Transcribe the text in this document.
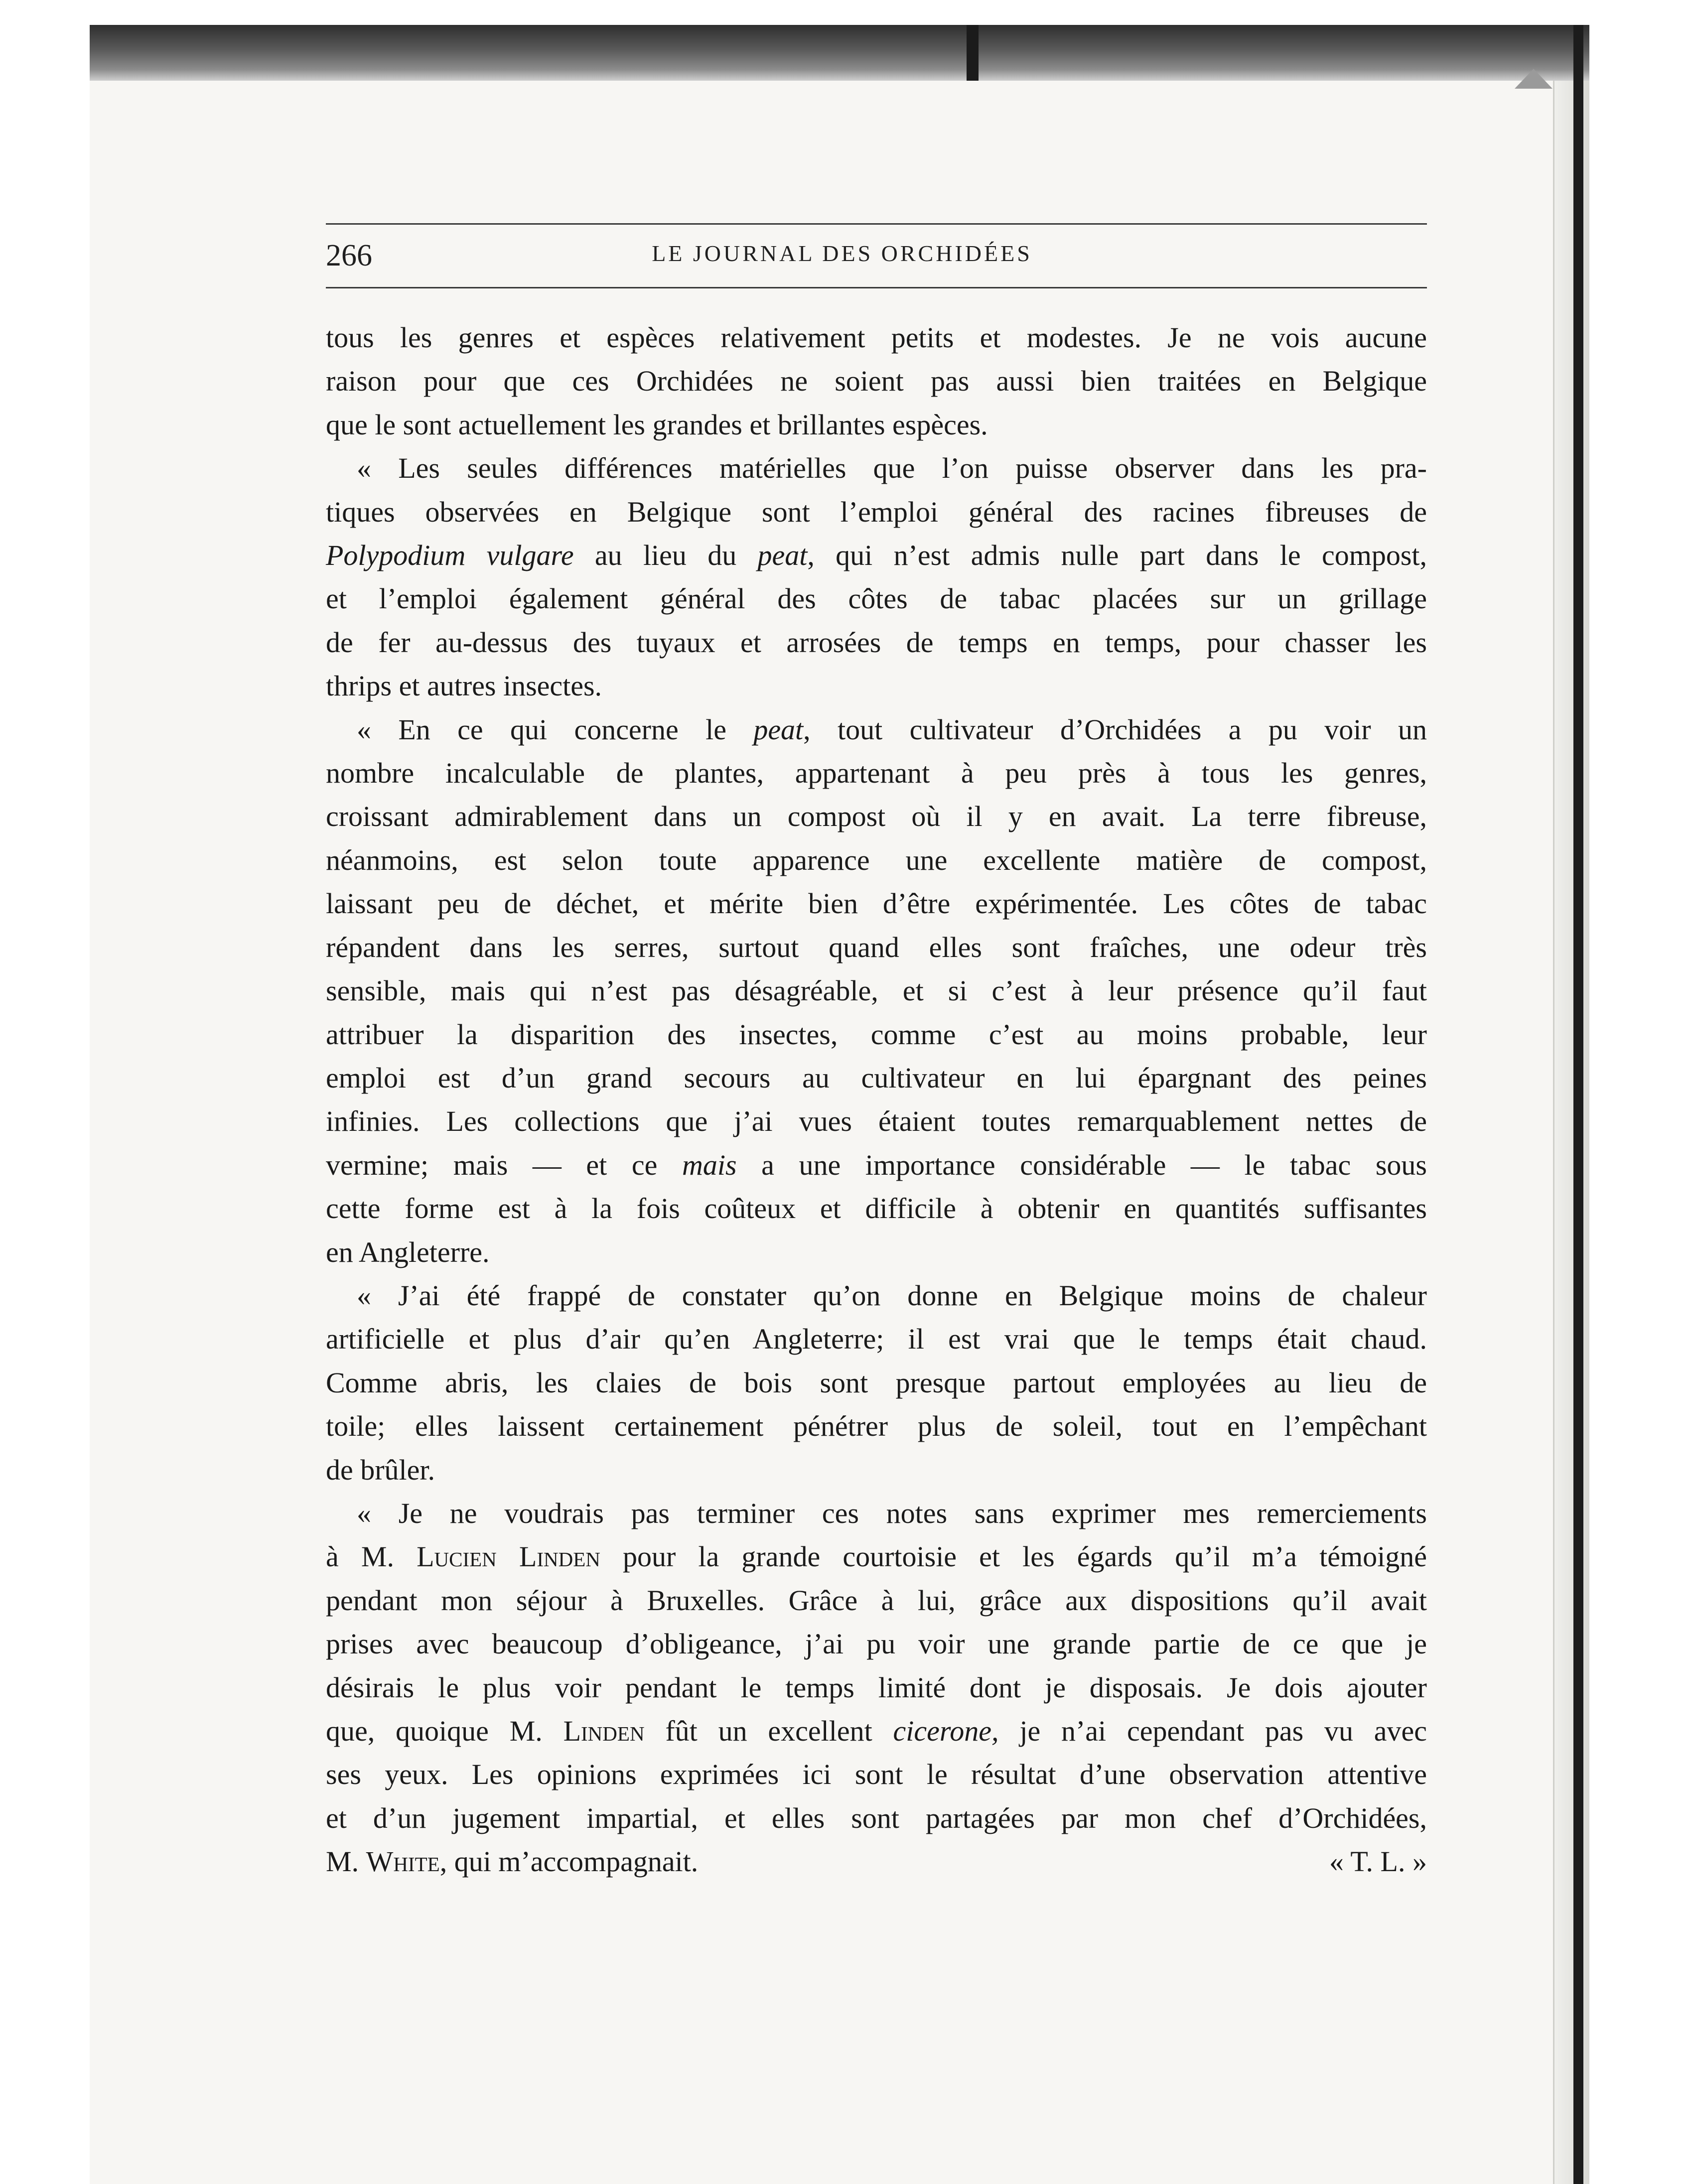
266	LE JOURNAL DES ORCHIDÉES

tous les genres et espèces relativement petits et modestes. Je ne vois aucune
raison pour que ces Orchidées ne soient pas aussi bien traitées en Belgique
que le sont actuellement les grandes et brillantes espèces.

« Les seules différences matérielles que l’on puisse observer dans les pra-
tiques observées en Belgique sont l’emploi général des racines fibreuses de
Polypodium vulgare au lieu du peat, qui n’est admis nulle part dans le compost,
et l’emploi également général des côtes de tabac placées sur un grillage
de fer au-dessus des tuyaux et arrosées de temps en temps, pour chasser les
thrips et autres insectes.

« En ce qui concerne le peat, tout cultivateur d’Orchidées a pu voir un
nombre incalculable de plantes, appartenant à peu près à tous les genres,
croissant admirablement dans un compost où il y en avait. La terre fibreuse,
néanmoins, est selon toute apparence une excellente matière de compost,
laissant peu de déchet, et mérite bien d’être expérimentée. Les côtes de tabac
répandent dans les serres, surtout quand elles sont fraîches, une odeur très
sensible, mais qui n’est pas désagréable, et si c’est à leur présence qu’il faut
attribuer la disparition des insectes, comme c’est au moins probable, leur
emploi est d’un grand secours au cultivateur en lui épargnant des peines
infinies. Les collections que j’ai vues étaient toutes remarquablement nettes de
vermine; mais — et ce mais a une importance considérable — le tabac sous
cette forme est à la fois coûteux et difficile à obtenir en quantités suffisantes
en Angleterre.

« J’ai été frappé de constater qu’on donne en Belgique moins de chaleur
artificielle et plus d’air qu’en Angleterre; il est vrai que le temps était chaud.
Comme abris, les claies de bois sont presque partout employées au lieu de
toile; elles laissent certainement pénétrer plus de soleil, tout en l’empêchant
de brûler.

« Je ne voudrais pas terminer ces notes sans exprimer mes remerciements
à M. Lucien Linden pour la grande courtoisie et les égards qu’il m’a témoigné
pendant mon séjour à Bruxelles. Grâce à lui, grâce aux dispositions qu’il avait
prises avec beaucoup d’obligeance, j’ai pu voir une grande partie de ce que je
désirais le plus voir pendant le temps limité dont je disposais. Je dois ajouter
que, quoique M. Linden fût un excellent cicerone, je n’ai cependant pas vu avec
ses yeux. Les opinions exprimées ici sont le résultat d’une observation attentive
et d’un jugement impartial, et elles sont partagées par mon chef d’Orchidées,
M. White, qui m’accompagnait.	« T. L. »
